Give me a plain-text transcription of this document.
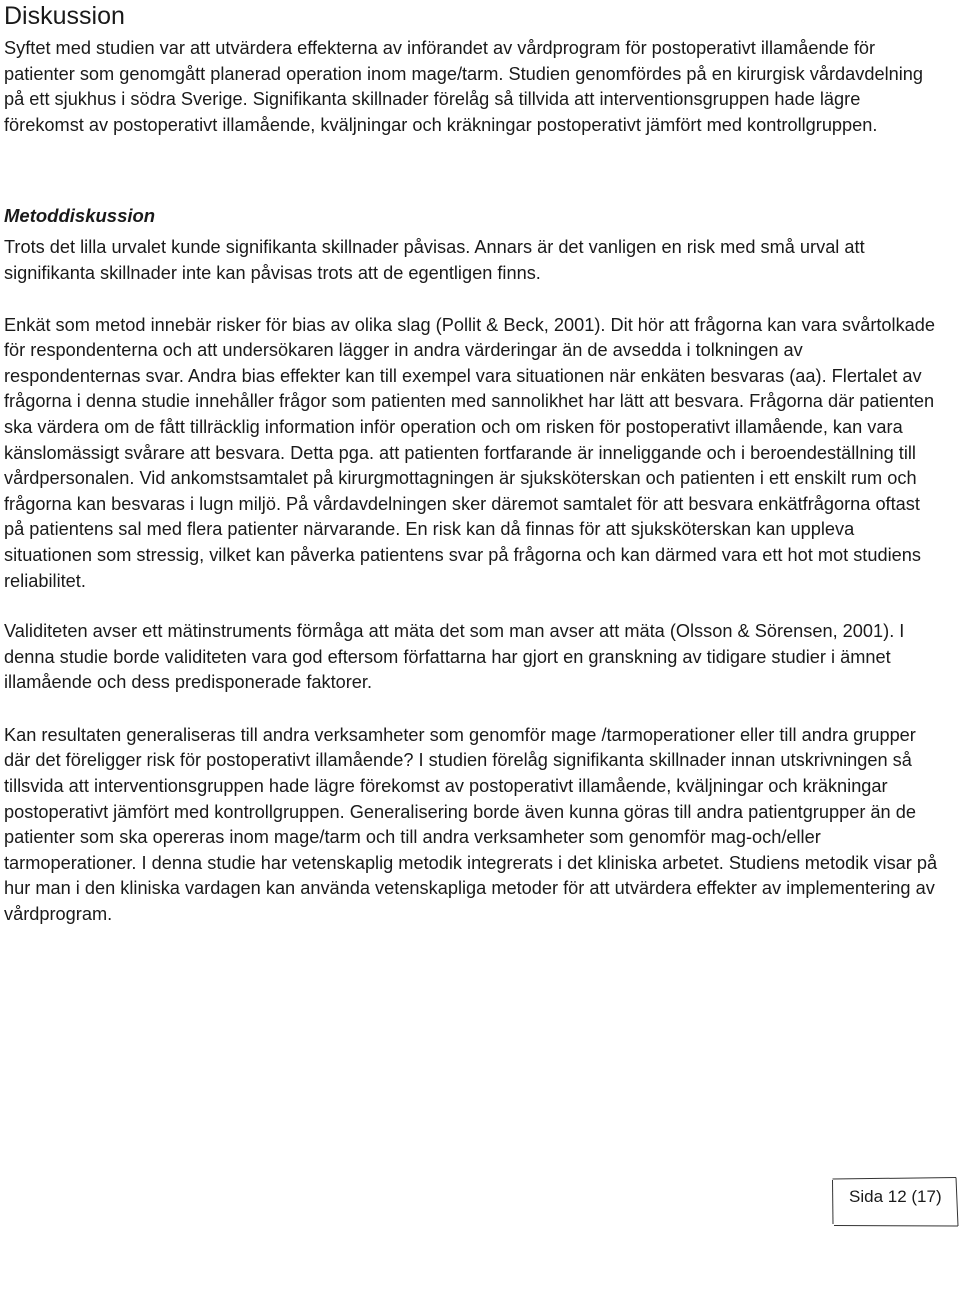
Diskussion

Syftet med studien var att utvärdera effekterna av införandet av vårdprogram för postoperativt illamående för patienter som genomgått planerad operation inom mage/tarm. Studien genomfördes på en kirurgisk vårdavdelning på ett sjukhus i södra Sverige. Signifikanta skillnader förelåg så tillvida att interventionsgruppen hade lägre förekomst av postoperativt illamående, kväljningar och kräkningar postoperativt jämfört med kontrollgruppen.

Metoddiskussion

Trots det lilla urvalet kunde signifikanta skillnader påvisas. Annars är det vanligen en risk med små urval att signifikanta skillnader inte kan påvisas trots att de egentligen finns.

Enkät som metod innebär risker för bias av olika slag (Pollit & Beck, 2001). Dit hör att frågorna kan vara svårtolkade för respondenterna och att undersökaren lägger in andra värderingar än de avsedda i tolkningen av respondenternas svar. Andra bias effekter kan till exempel vara situationen när enkäten besvaras (aa). Flertalet av frågorna i denna studie innehåller frågor som patienten med sannolikhet har lätt att besvara. Frågorna där patienten ska värdera om de fått tillräcklig information inför operation och om risken för postoperativt illamående, kan vara känslomässigt svårare att besvara. Detta pga. att patienten fortfarande är inneliggande och i beroendeställning till vårdpersonalen. Vid ankomstsamtalet på kirurgmottagningen är sjuksköterskan och patienten i ett enskilt rum och frågorna kan besvaras i lugn miljö. På vårdavdelningen sker däremot samtalet för att besvara enkätfrågorna oftast på patientens sal med flera patienter närvarande. En risk kan då finnas för att sjuksköterskan kan uppleva situationen som stressig, vilket kan påverka patientens svar på frågorna och kan därmed vara ett hot mot studiens reliabilitet.

Validiteten avser ett mätinstruments förmåga att mäta det som man avser att mäta (Olsson & Sörensen, 2001). I denna studie borde validiteten vara god eftersom författarna har gjort en granskning av tidigare studier i ämnet illamående och dess predisponerade faktorer.

Kan resultaten generaliseras till andra verksamheter som genomför mage /tarmoperationer eller till andra grupper där det föreligger risk för postoperativt illamående? I studien förelåg signifikanta skillnader innan utskrivningen så tillsvida att interventionsgruppen hade lägre förekomst av postoperativt illamående, kväljningar och kräkningar postoperativt jämfört med kontrollgruppen. Generalisering borde även kunna göras till andra patientgrupper än de patienter som ska opereras inom mage/tarm och till andra verksamheter som genomför mag-och/eller tarmoperationer. I denna studie har vetenskaplig metodik integrerats i det kliniska arbetet. Studiens metodik visar på hur man i den kliniska vardagen kan använda vetenskapliga metoder för att utvärdera effekter av implementering av vårdprogram.

Sida 12 (17)
